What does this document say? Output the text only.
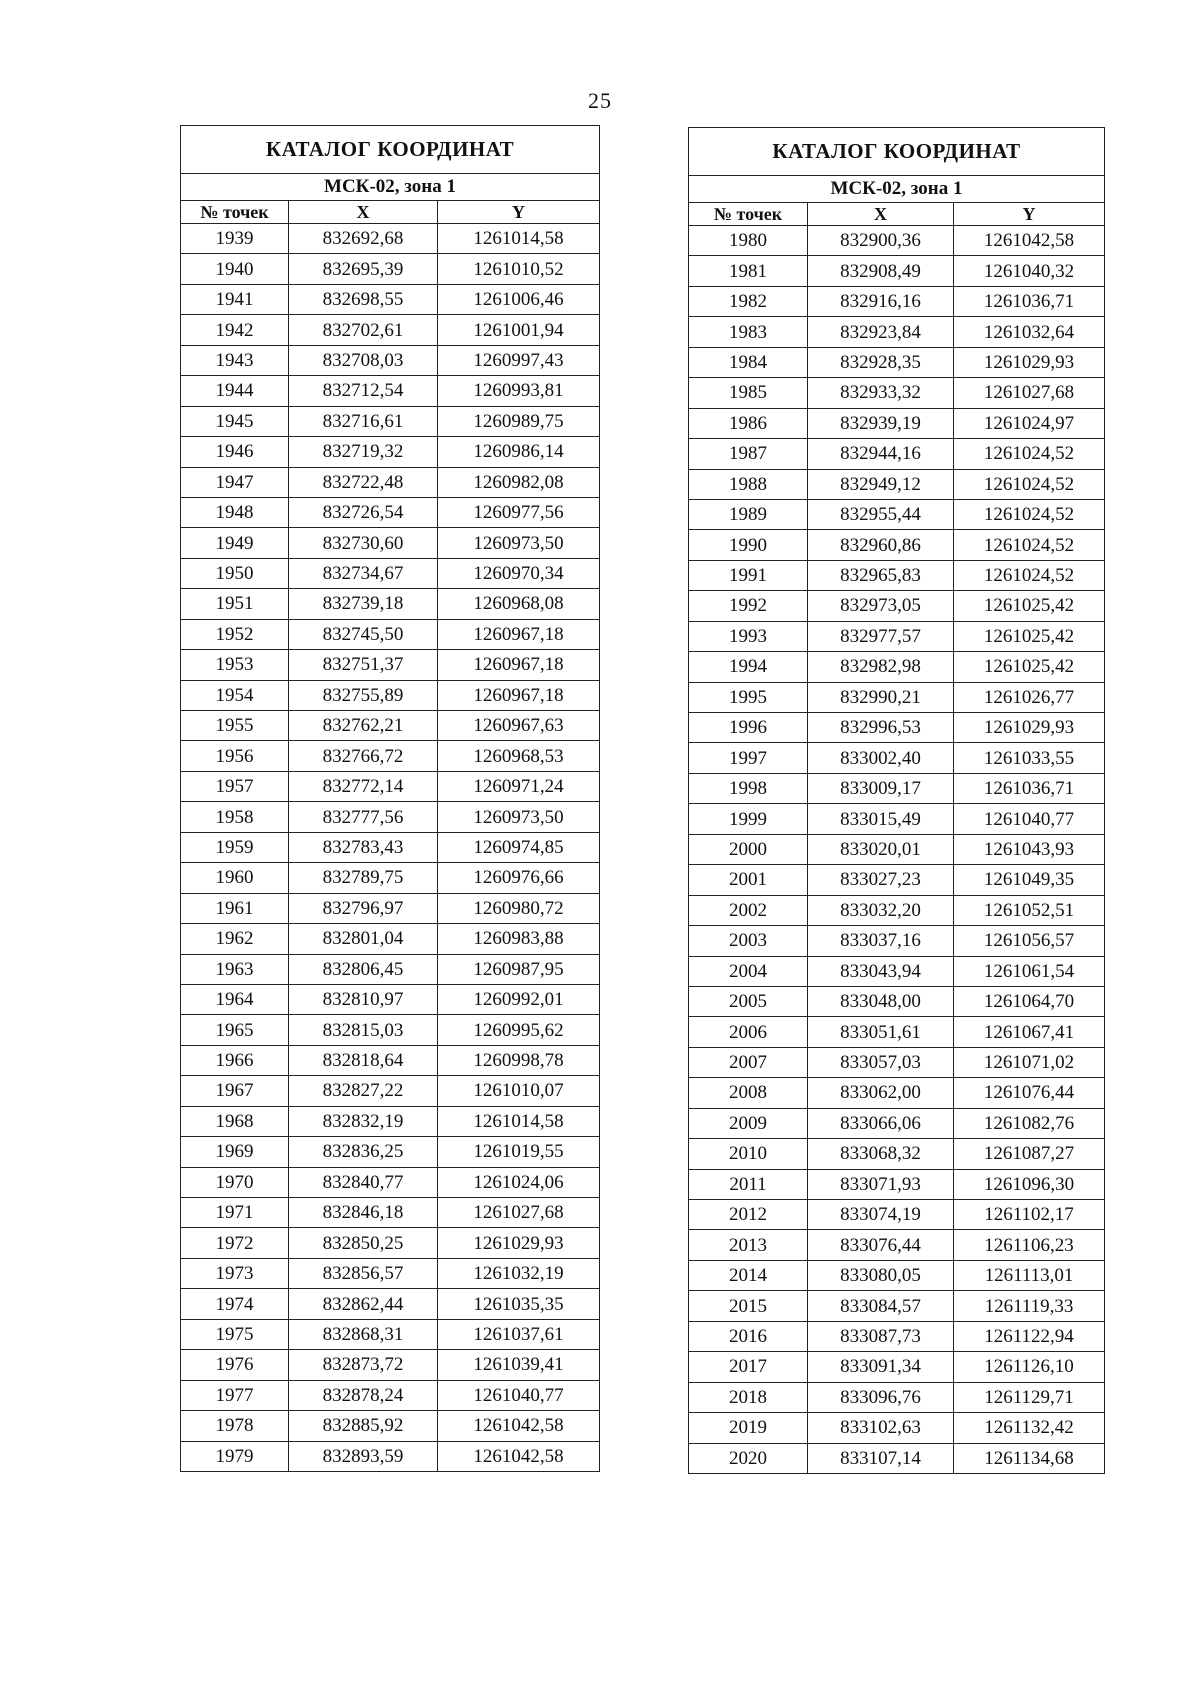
25
КАТАЛОГ КООРДИНАТ		
МСК-02, зона 1		
№ точек	X	Y
1939	832692,68	1261014,58
1940	832695,39	1261010,52
1941	832698,55	1261006,46
1942	832702,61	1261001,94
1943	832708,03	1260997,43
1944	832712,54	1260993,81
1945	832716,61	1260989,75
1946	832719,32	1260986,14
1947	832722,48	1260982,08
1948	832726,54	1260977,56
1949	832730,60	1260973,50
1950	832734,67	1260970,34
1951	832739,18	1260968,08
1952	832745,50	1260967,18
1953	832751,37	1260967,18
1954	832755,89	1260967,18
1955	832762,21	1260967,63
1956	832766,72	1260968,53
1957	832772,14	1260971,24
1958	832777,56	1260973,50
1959	832783,43	1260974,85
1960	832789,75	1260976,66
1961	832796,97	1260980,72
1962	832801,04	1260983,88
1963	832806,45	1260987,95
1964	832810,97	1260992,01
1965	832815,03	1260995,62
1966	832818,64	1260998,78
1967	832827,22	1261010,07
1968	832832,19	1261014,58
1969	832836,25	1261019,55
1970	832840,77	1261024,06
1971	832846,18	1261027,68
1972	832850,25	1261029,93
1973	832856,57	1261032,19
1974	832862,44	1261035,35
1975	832868,31	1261037,61
1976	832873,72	1261039,41
1977	832878,24	1261040,77
1978	832885,92	1261042,58
1979	832893,59	1261042,58
КАТАЛОГ КООРДИНАТ		
МСК-02, зона 1		
№ точек	X	Y
1980	832900,36	1261042,58
1981	832908,49	1261040,32
1982	832916,16	1261036,71
1983	832923,84	1261032,64
1984	832928,35	1261029,93
1985	832933,32	1261027,68
1986	832939,19	1261024,97
1987	832944,16	1261024,52
1988	832949,12	1261024,52
1989	832955,44	1261024,52
1990	832960,86	1261024,52
1991	832965,83	1261024,52
1992	832973,05	1261025,42
1993	832977,57	1261025,42
1994	832982,98	1261025,42
1995	832990,21	1261026,77
1996	832996,53	1261029,93
1997	833002,40	1261033,55
1998	833009,17	1261036,71
1999	833015,49	1261040,77
2000	833020,01	1261043,93
2001	833027,23	1261049,35
2002	833032,20	1261052,51
2003	833037,16	1261056,57
2004	833043,94	1261061,54
2005	833048,00	1261064,70
2006	833051,61	1261067,41
2007	833057,03	1261071,02
2008	833062,00	1261076,44
2009	833066,06	1261082,76
2010	833068,32	1261087,27
2011	833071,93	1261096,30
2012	833074,19	1261102,17
2013	833076,44	1261106,23
2014	833080,05	1261113,01
2015	833084,57	1261119,33
2016	833087,73	1261122,94
2017	833091,34	1261126,10
2018	833096,76	1261129,71
2019	833102,63	1261132,42
2020	833107,14	1261134,68
